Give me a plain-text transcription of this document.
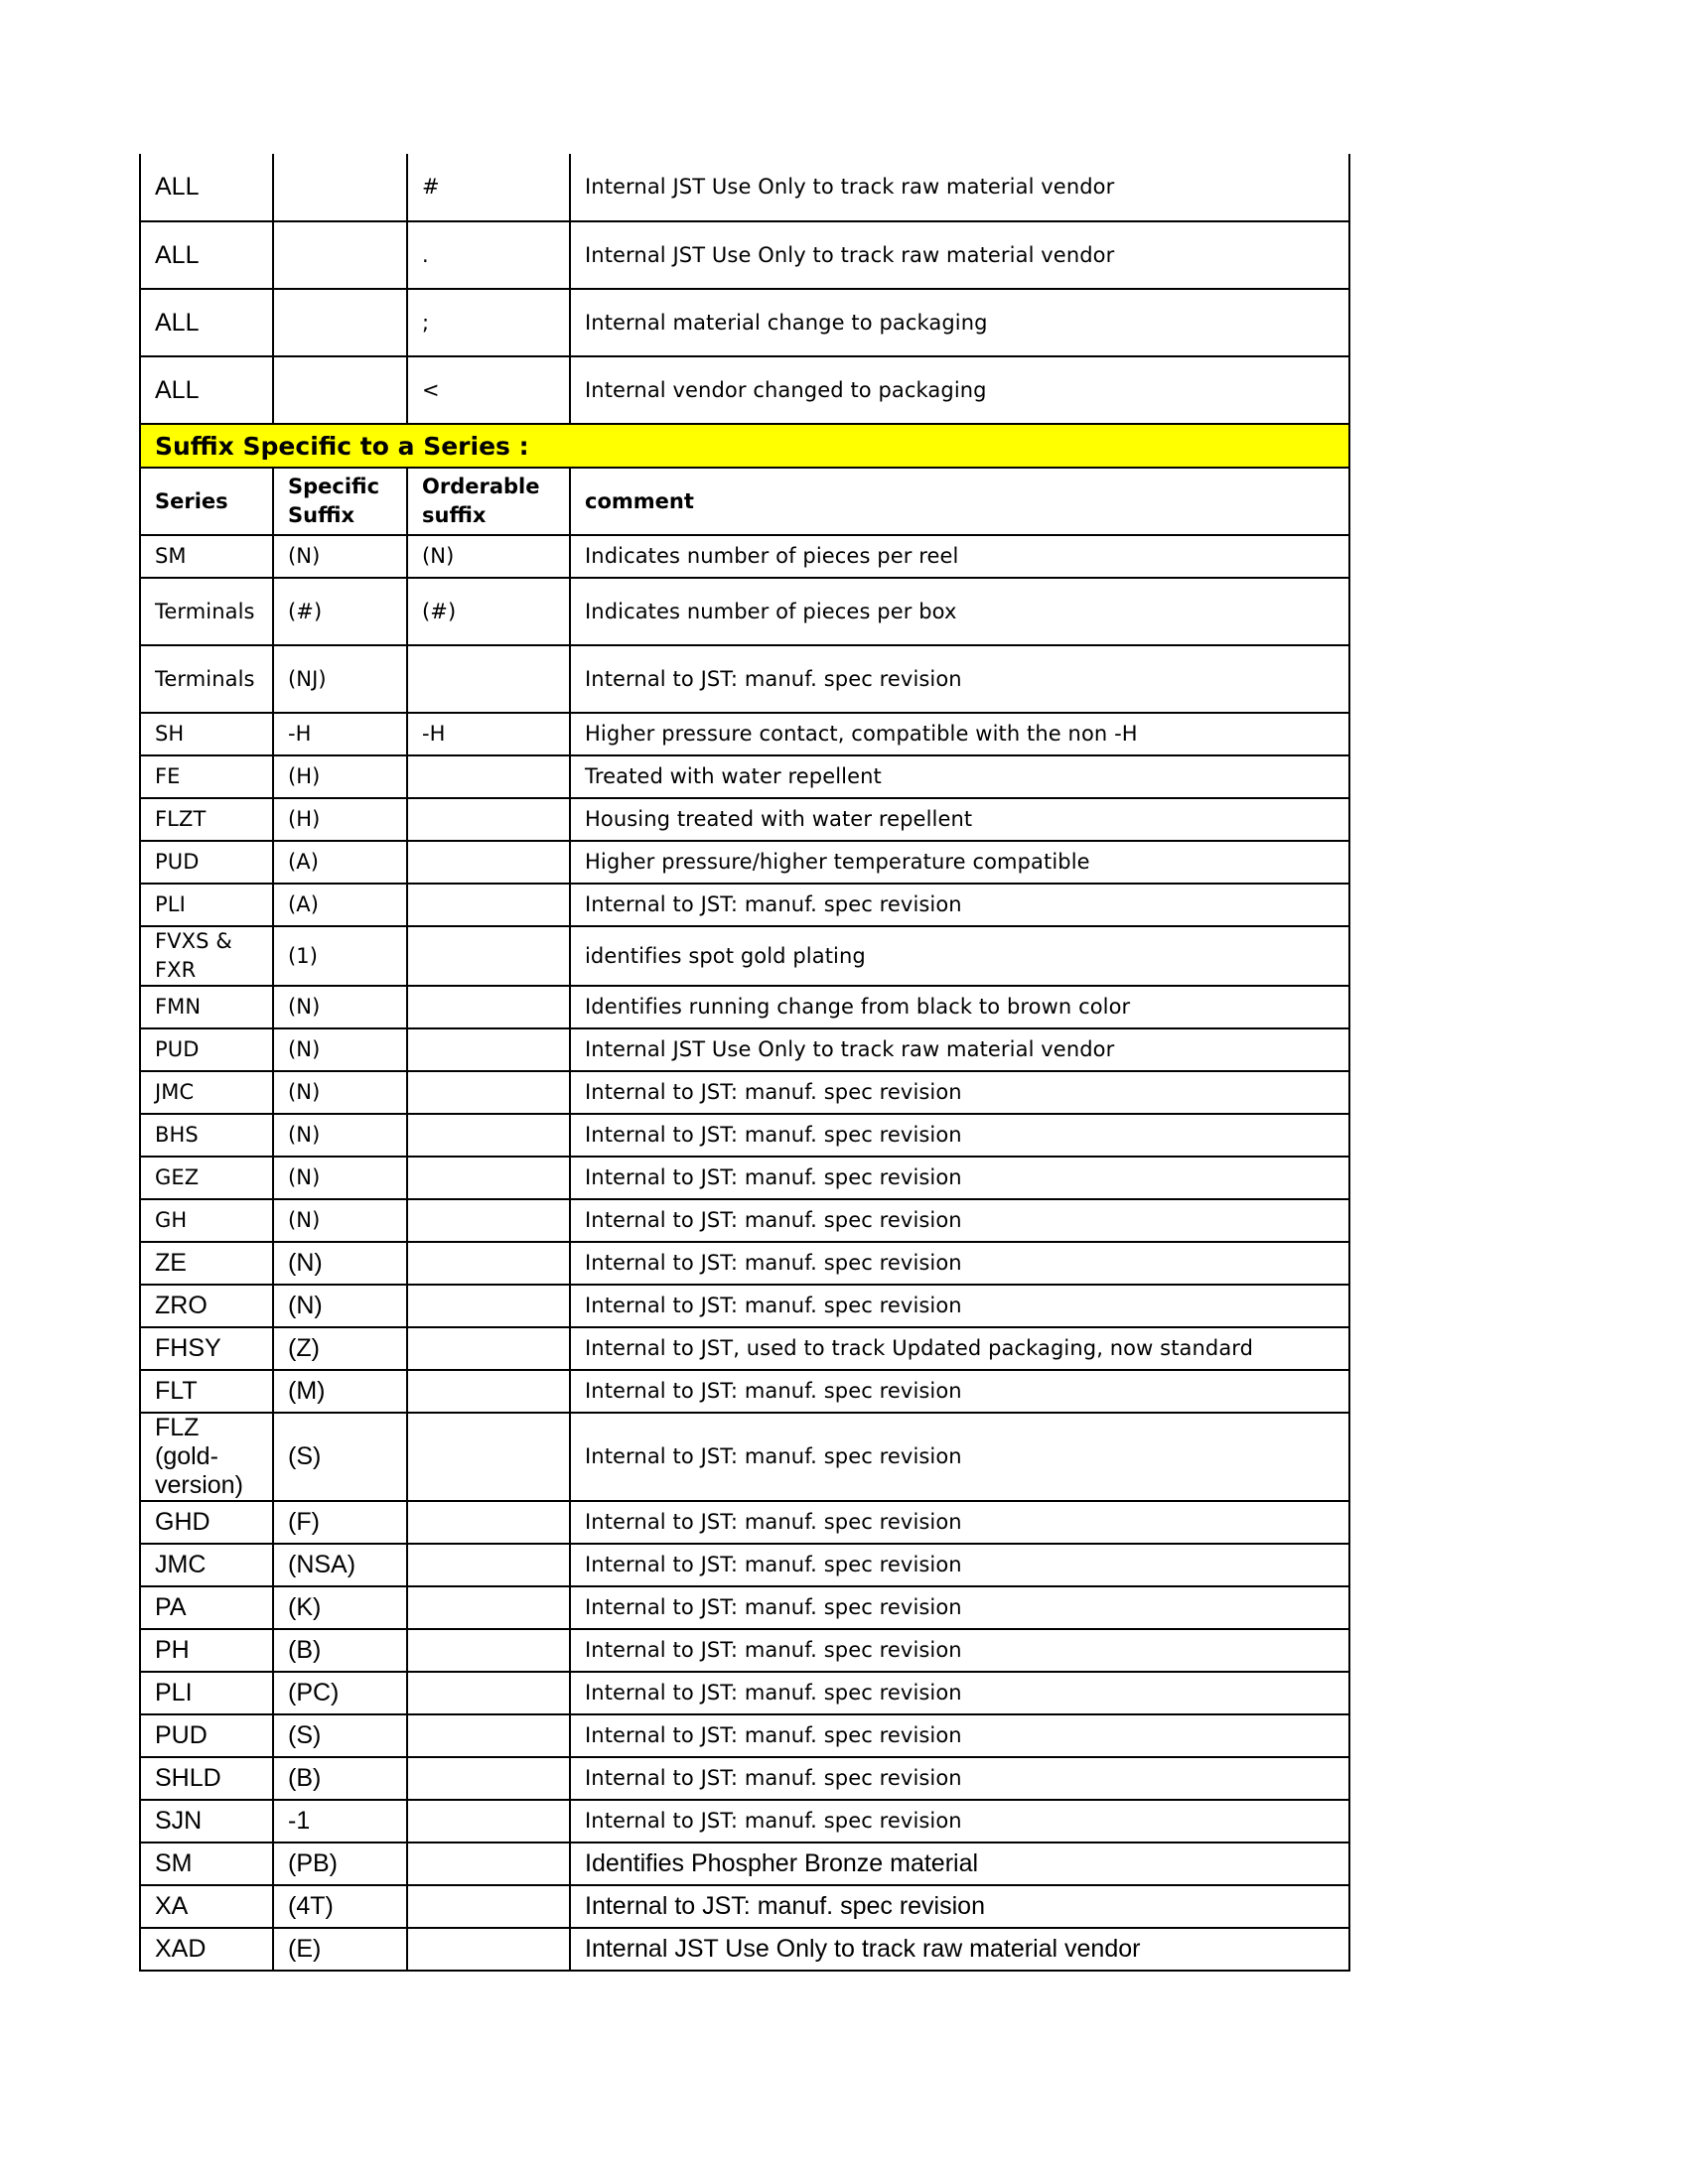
ALL		#	Internal JST Use Only to track raw material vendor
ALL		.	Internal JST Use Only to track raw material vendor
ALL		;	Internal material change to packaging
ALL		<	Internal vendor changed to packaging
Suffix Specific to a Series :			
Series	Specific Suffix	Orderable suffix	comment
SM	(N)	(N)	Indicates number of pieces per reel
Terminals	(#)	(#)	Indicates number of pieces per box
Terminals	(NJ)		Internal to JST: manuf. spec revision
SH	-H	-H	Higher pressure contact, compatible with the non -H
FE	(H)		Treated with water repellent
FLZT	(H)		Housing treated with water repellent
PUD	(A)		Higher pressure/higher temperature compatible
PLI	(A)		Internal to JST: manuf. spec revision
FVXS & FXR	(1)		identifies spot gold plating
FMN	(N)		Identifies running change from black to brown color
PUD	(N)		Internal JST Use Only to track raw material vendor
JMC	(N)		Internal to JST: manuf. spec revision
BHS	(N)		Internal to JST: manuf. spec revision
GEZ	(N)		Internal to JST: manuf. spec revision
GH	(N)		Internal to JST: manuf. spec revision
ZE	(N)		Internal to JST: manuf. spec revision
ZRO	(N)		Internal to JST: manuf. spec revision
FHSY	(Z)		Internal to JST, used to track Updated packaging, now standard
FLT	(M)		Internal to JST: manuf. spec revision
FLZ (gold-version)	(S)		Internal to JST: manuf. spec revision
GHD	(F)		Internal to JST: manuf. spec revision
JMC	(NSA)		Internal to JST: manuf. spec revision
PA	(K)		Internal to JST: manuf. spec revision
PH	(B)		Internal to JST: manuf. spec revision
PLI	(PC)		Internal to JST: manuf. spec revision
PUD	(S)		Internal to JST: manuf. spec revision
SHLD	(B)		Internal to JST: manuf. spec revision
SJN	-1		Internal to JST: manuf. spec revision
SM	(PB)		Identifies Phospher Bronze material
XA	(4T)		Internal to JST: manuf. spec revision
XAD	(E)		Internal JST Use Only to track raw material vendor
